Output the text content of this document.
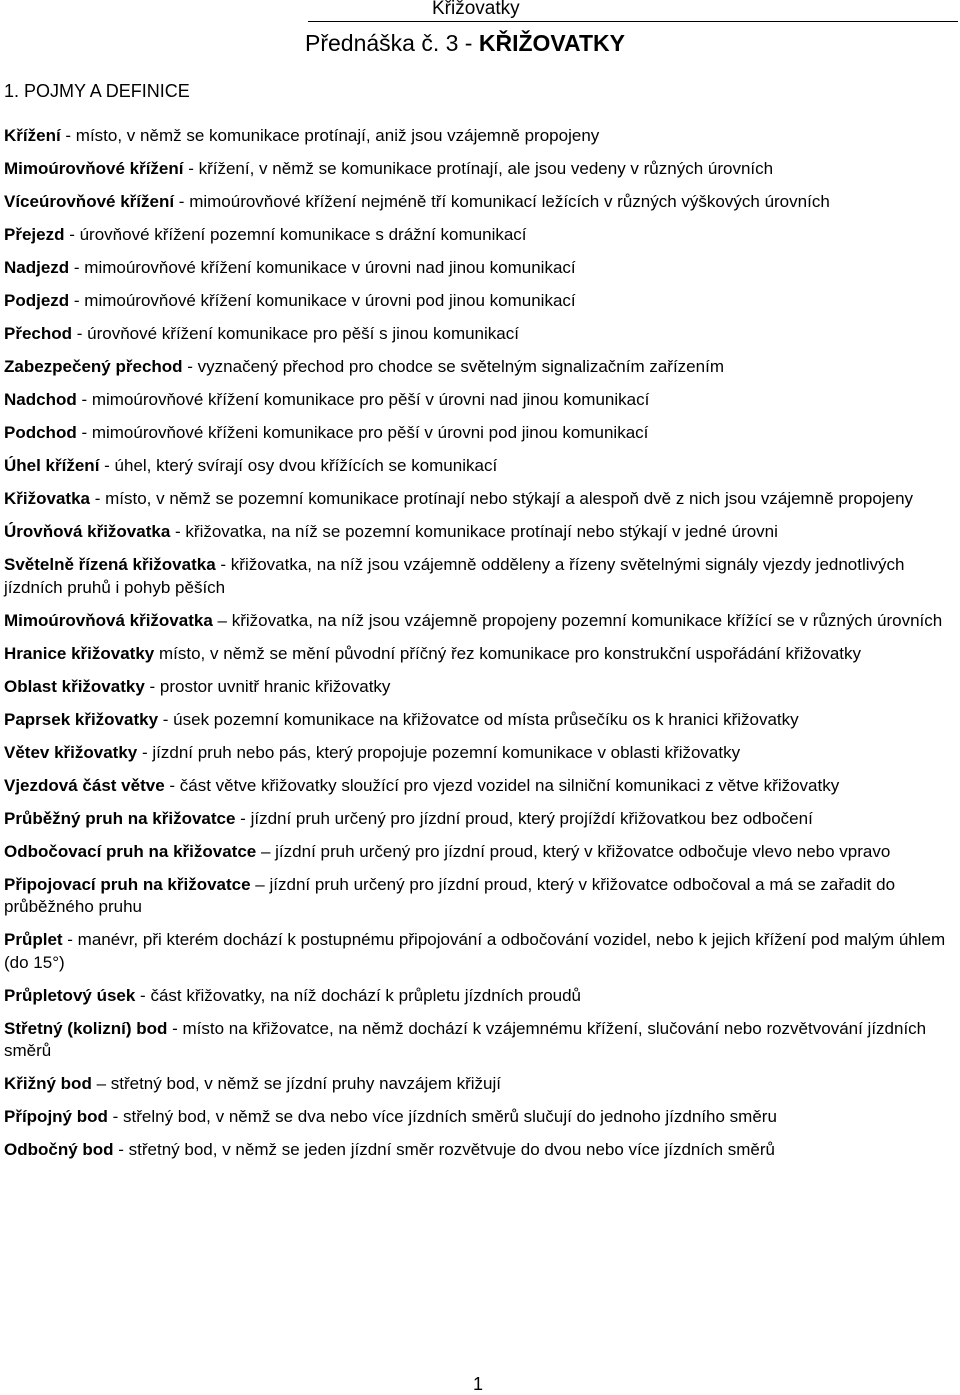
Křižovatky
Přednáška č. 3 - KŘIŽOVATKY
1. POJMY A DEFINICE

Křížení - místo, v němž se komunikace protínají, aniž jsou vzájemně propojeny

Mimoúrovňové křížení - křížení, v němž se komunikace protínají, ale jsou vedeny v různých úrovních

Víceúrovňové křížení - mimoúrovňové křížení nejméně tří komunikací ležících v různých výškových úrovních

Přejezd - úrovňové křížení pozemní komunikace s drážní komunikací

Nadjezd - mimoúrovňové křížení komunikace v úrovni nad jinou komunikací

Podjezd - mimoúrovňové křížení komunikace v úrovni pod jinou komunikací

Přechod - úrovňové křížení komunikace pro pěší s jinou komunikací

Zabezpečený přechod - vyznačený přechod pro chodce se světelným signalizačním zařízením

Nadchod - mimoúrovňové křížení komunikace pro pěší v úrovni nad jinou komunikací

Podchod - mimoúrovňové kříženi komunikace pro pěší v úrovni pod jinou komunikací

Úhel křížení - úhel, který svírají osy dvou křížících se komunikací

Křižovatka - místo, v němž se pozemní komunikace protínají nebo stýkají a alespoň dvě z nich jsou vzájemně propojeny

Úrovňová křižovatka - křižovatka, na níž se pozemní komunikace protínají nebo stýkají v jedné úrovni

Světelně řízená křižovatka - křižovatka, na níž jsou vzájemně odděleny a řízeny světelnými signály vjezdy jednotlivých jízdních pruhů i pohyb pěších

Mimoúrovňová křižovatka – křižovatka, na níž jsou vzájemně propojeny pozemní komunikace křížící se v různých úrovních

Hranice křižovatky místo, v němž se mění původní příčný řez komunikace pro konstrukční uspořádání křižovatky

Oblast křižovatky - prostor uvnitř hranic křižovatky

Paprsek křižovatky - úsek pozemní komunikace na křižovatce od místa průsečíku os k hranici křižovatky

Větev křižovatky - jízdní pruh nebo pás, který propojuje pozemní komunikace v oblasti křižovatky

Vjezdová část větve - část větve křižovatky sloužící pro vjezd vozidel na silniční komunikaci z větve křižovatky

Průběžný pruh na křižovatce - jízdní pruh určený pro jízdní proud, který projíždí křižovatkou bez odbočení

Odbočovací pruh na křižovatce – jízdní pruh určený pro jízdní proud, který v křižovatce odbočuje vlevo nebo vpravo

Připojovací pruh na křižovatce – jízdní pruh určený pro jízdní proud, který v křižovatce odbočoval a má se zařadit do průběžného pruhu

Průplet - manévr, při kterém dochází k postupnému připojování a odbočování vozidel, nebo k jejich křížení pod malým úhlem (do 15°)

Průpletový úsek - část křižovatky, na níž dochází k průpletu jízdních proudů

Střetný (kolizní) bod - místo na křižovatce, na němž dochází k vzájemnému křížení, slučování nebo rozvětvování jízdních směrů

Křižný bod – střetný bod, v němž se jízdní pruhy navzájem křižují

Přípojný bod - střelný bod, v němž se dva nebo více jízdních směrů slučují do jednoho jízdního směru

Odbočný bod - střetný bod, v němž se jeden jízdní směr rozvětvuje do dvou nebo více jízdních směrů

1
